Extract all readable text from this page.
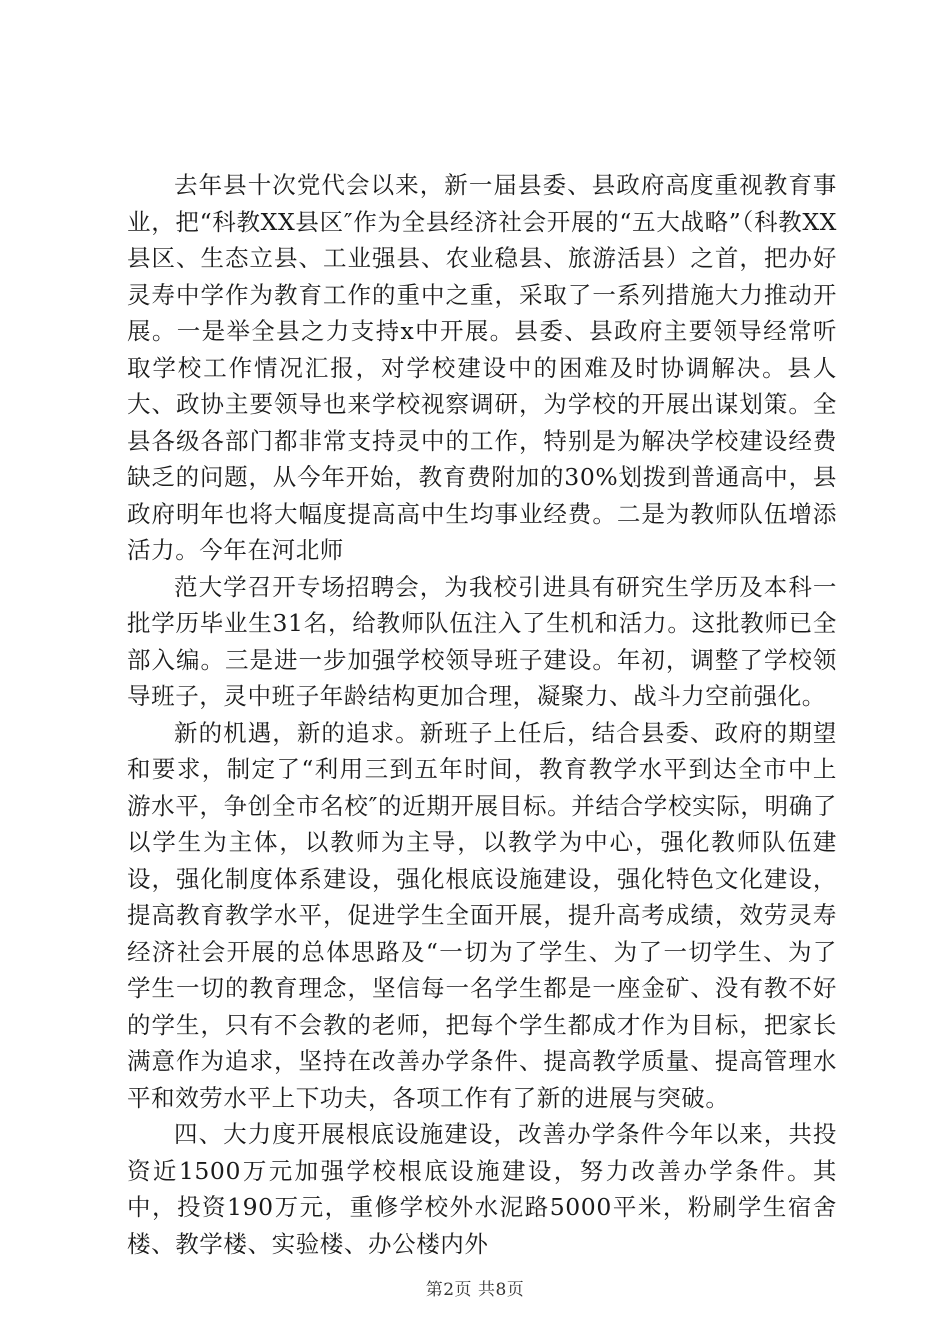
去年县十次党代会以来，新一届县委、县政府高度重视教育事业，把“科教XX县区″作为全县经济社会开展的“五大战略”（科教XX县区、生态立县、工业强县、农业稳县、旅游活县）之首，把办好灵寿中学作为教育工作的重中之重，采取了一系列措施大力推动开展。一是举全县之力支持x中开展。县委、县政府主要领导经常听取学校工作情况汇报，对学校建设中的困难及时协调解决。县人大、政协主要领导也来学校视察调研，为学校的开展出谋划策。全县各级各部门都非常支持灵中的工作，特别是为解决学校建设经费缺乏的问题，从今年开始，教育费附加的30%划拨到普通高中，县政府明年也将大幅度提高高中生均事业经费。二是为教师队伍增添活力。今年在河北师

范大学召开专场招聘会，为我校引进具有研究生学历及本科一批学历毕业生31名，给教师队伍注入了生机和活力。这批教师已全部入编。三是进一步加强学校领导班子建设。年初，调整了学校领导班子，灵中班子年龄结构更加合理，凝聚力、战斗力空前强化。

新的机遇，新的追求。新班子上任后，结合县委、政府的期望和要求，制定了“利用三到五年时间，教育教学水平到达全市中上游水平，争创全市名校″的近期开展目标。并结合学校实际，明确了以学生为主体，以教师为主导，以教学为中心，强化教师队伍建设，强化制度体系建设，强化根底设施建设，强化特色文化建设，提高教育教学水平，促进学生全面开展，提升高考成绩，效劳灵寿经济社会开展的总体思路及“一切为了学生、为了一切学生、为了学生一切的教育理念，坚信每一名学生都是一座金矿、没有教不好的学生，只有不会教的老师，把每个学生都成才作为目标，把家长满意作为追求，坚持在改善办学条件、提高教学质量、提高管理水平和效劳水平上下功夫，各项工作有了新的进展与突破。

四、大力度开展根底设施建设，改善办学条件今年以来，共投资近1500万元加强学校根底设施建设，努力改善办学条件。其中，投资190万元，重修学校外水泥路5000平米，粉刷学生宿舍楼、教学楼、实验楼、办公楼内外

第2页 共8页
